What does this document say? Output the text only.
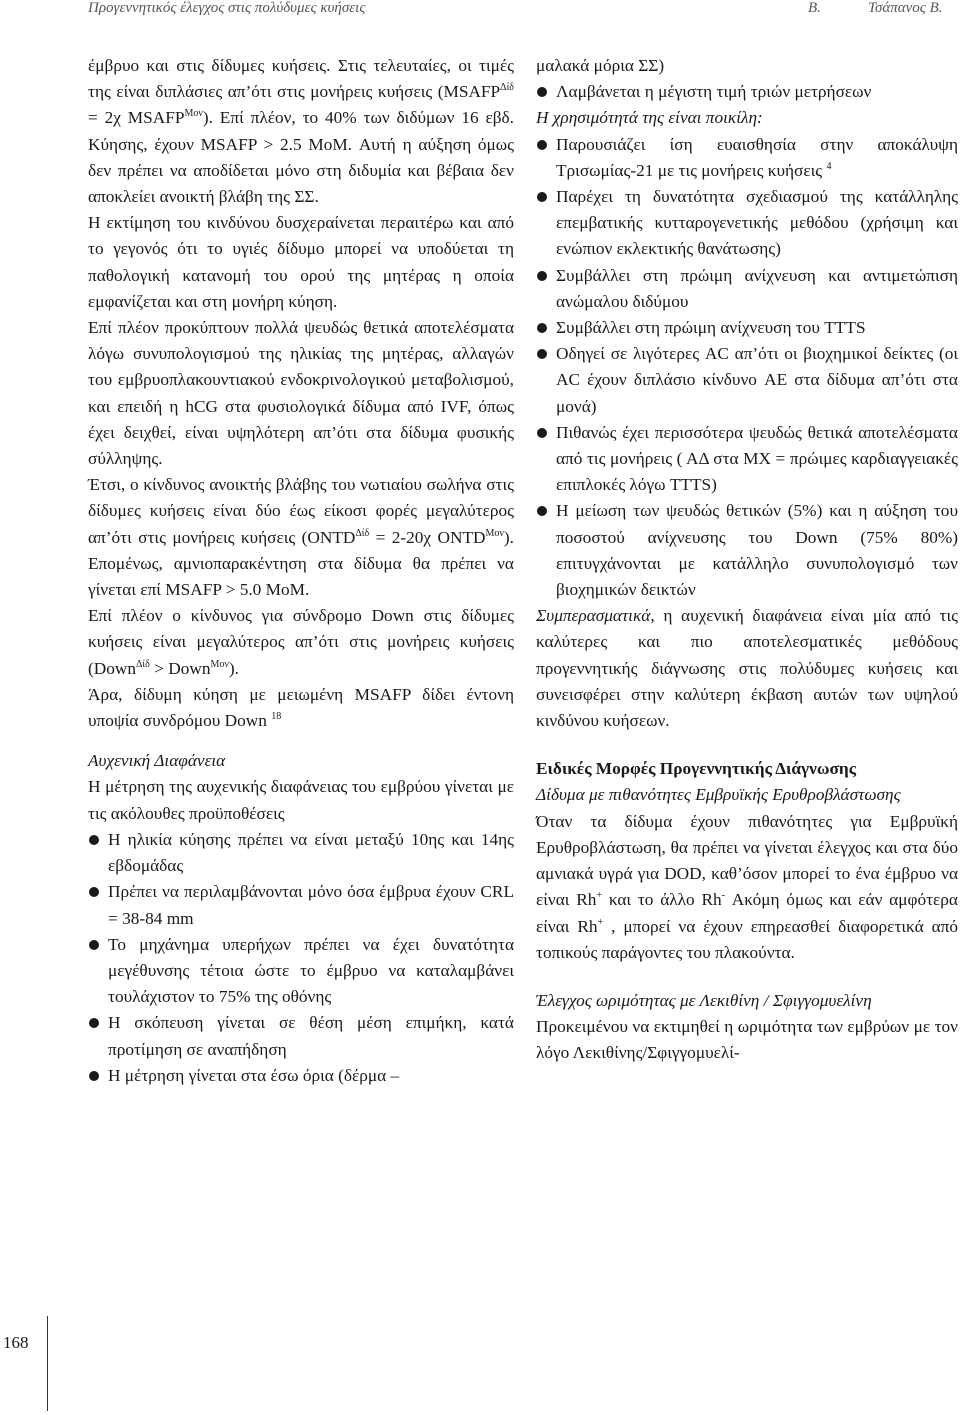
Προγεννητικός έλεγχος στις πολύδυμες κυήσεις	Β.	Τσάπανος Β.

έμβρυο και στις δίδυμες κυήσεις. Στις τελευταίες, οι τιμές της είναι διπλάσιες απ’ότι στις μονήρεις κυήσεις ($MSAFP^{\Delta ί\delta} = 2\chi$ $MSAFP^{Mo\nu}$). Επί πλέον, το 40% των διδύμων 16 εβδ. Κύησης, έχουν MSAFP > 2.5 MoM. Αυτή η αύξηση όμως δεν πρέπει να αποδίδεται μόνο στη διδυμία και βέβαια δεν αποκλείει ανοικτή βλάβη της ΣΣ.

Η εκτίμηση του κινδύνου δυσχεραίνεται περαιτέρω και από το γεγονός ότι το υγιές δίδυμο μπορεί να υποδύεται τη παθολογική κατανομή του ορού της μητέρας η οποία εμφανίζεται και στη μονήρη κύηση.

Επί πλέον προκύπτουν πολλά ψευδώς θετικά αποτελέσματα λόγω συνυπολογισμού της ηλικίας της μητέρας, αλλαγών του εμβρυοπλακουντιακού ενδοκρινολογικού μεταβολισμού, και επειδή η hCG στα φυσιολογικά δίδυμα από IVF, όπως έχει δειχθεί, είναι υψηλότερη απ’ότι στα δίδυμα φυσικής σύλληψης.

Έτσι, ο κίνδυνος ανοικτής βλάβης του νωτιαίου σωλήνα στις δίδυμες κυήσεις είναι δύο έως είκοσι φορές μεγαλύτερος απ’ότι στις μονήρεις κυήσεις ($ONTD^{\Delta ί\delta} = 2-20\chi$ $ONTD^{Mo\nu}$). Επομένως, αμνιοπαρακέντηση στα δίδυμα θα πρέπει να γίνεται επί MSAFP > 5.0 MoM.

Επί πλέον ο κίνδυνος για σύνδρομο Down στις δίδυμες κυήσεις είναι μεγαλύτερος απ’ότι στις μονήρεις κυήσεις (Down$^{\Delta ί\delta}$ > Down$^{Mo\nu}$).

Άρα, δίδυμη κύηση με μειωμένη MSAFP δίδει έντονη υποψία συνδρόμου Down $^{18}$

Αυχενική Διαφάνεια

Η μέτρηση της αυχενικής διαφάνειας του εμβρύου γίνεται με τις ακόλουθες προϋποθέσεις

Η ηλικία κύησης πρέπει να είναι μεταξύ 10ης και 14ης εβδομάδας

Πρέπει να περιλαμβάνονται μόνο όσα έμβρυα έχουν CRL = 38-84 mm

Το μηχάνημα υπερήχων πρέπει να έχει δυνατότητα μεγέθυνσης τέτοια ώστε το έμβρυο να καταλαμβάνει τουλάχιστον το 75% της οθόνης

Η σκόπευση γίνεται σε θέση μέση επιμήκη, κατά προτίμηση σε αναπήδηση

Η μέτρηση γίνεται στα έσω όρια (δέρμα –

μαλακά μόρια ΣΣ)

Λαμβάνεται η μέγιστη τιμή τριών μετρήσεων

Η χρησιμότητά της είναι ποικίλη:

Παρουσιάζει ίση ευαισθησία στην αποκάλυψη Τρισωμίας-21 με τις μονήρεις κυήσεις $^4$

Παρέχει τη δυνατότητα σχεδιασμού της κατάλληλης επεμβατικής κυτταρογενετικής μεθόδου (χρήσιμη και ενώπιον εκλεκτικής θανάτωσης)

Συμβάλλει στη πρώιμη ανίχνευση και αντιμετώπιση ανώμαλου διδύμου

Συμβάλλει στη πρώιμη ανίχνευση του TTTS

Οδηγεί σε λιγότερες AC απ’ότι οι βιοχημικοί δείκτες (οι AC έχουν διπλάσιο κίνδυνο AE στα δίδυμα απ’ότι στα μονά)

Πιθανώς έχει περισσότερα ψευδώς θετικά αποτελέσματα από τις μονήρεις ( ΑΔ στα MX = πρώιμες καρδιαγγειακές επιπλοκές λόγω TTTS)

Η μείωση των ψευδώς θετικών (5%) και η αύξηση του ποσοστού ανίχνευσης του Down (75% 80%) επιτυγχάνονται με κατάλληλο συνυπολογισμό των βιοχημικών δεικτών

Συμπερασματικά, η αυχενική διαφάνεια είναι μία από τις καλύτερες και πιο αποτελεσματικές μεθόδους προγεννητικής διάγνωσης στις πολύδυμες κυήσεις και συνεισφέρει στην καλύτερη έκβαση αυτών των υψηλού κινδύνου κυήσεων.

Ειδικές Μορφές Προγεννητικής Διάγνωσης

Δίδυμα με πιθανότητες Εμβρυϊκής Ερυθροβλάστωσης

Όταν τα δίδυμα έχουν πιθανότητες για Εμβρυϊκή Ερυθροβλάστωση, θα πρέπει να γίνεται έλεγχος και στα δύο αμνιακά υγρά για DOD, καθ’όσον μπορεί το ένα έμβρυο να είναι Rh+ και το άλλο Rh- Ακόμη όμως και εάν αμφότερα είναι Rh+ , μπορεί να έχουν επηρεασθεί διαφορετικά από τοπικούς παράγοντες του πλακούντα.

Έλεγχος ωριμότητας με Λεκιθίνη / Σφιγγομυελίνη

Προκειμένου να εκτιμηθεί η ωριμότητα των εμβρύων με τον λόγο Λεκιθίνης/Σφιγγομυελί-

168
